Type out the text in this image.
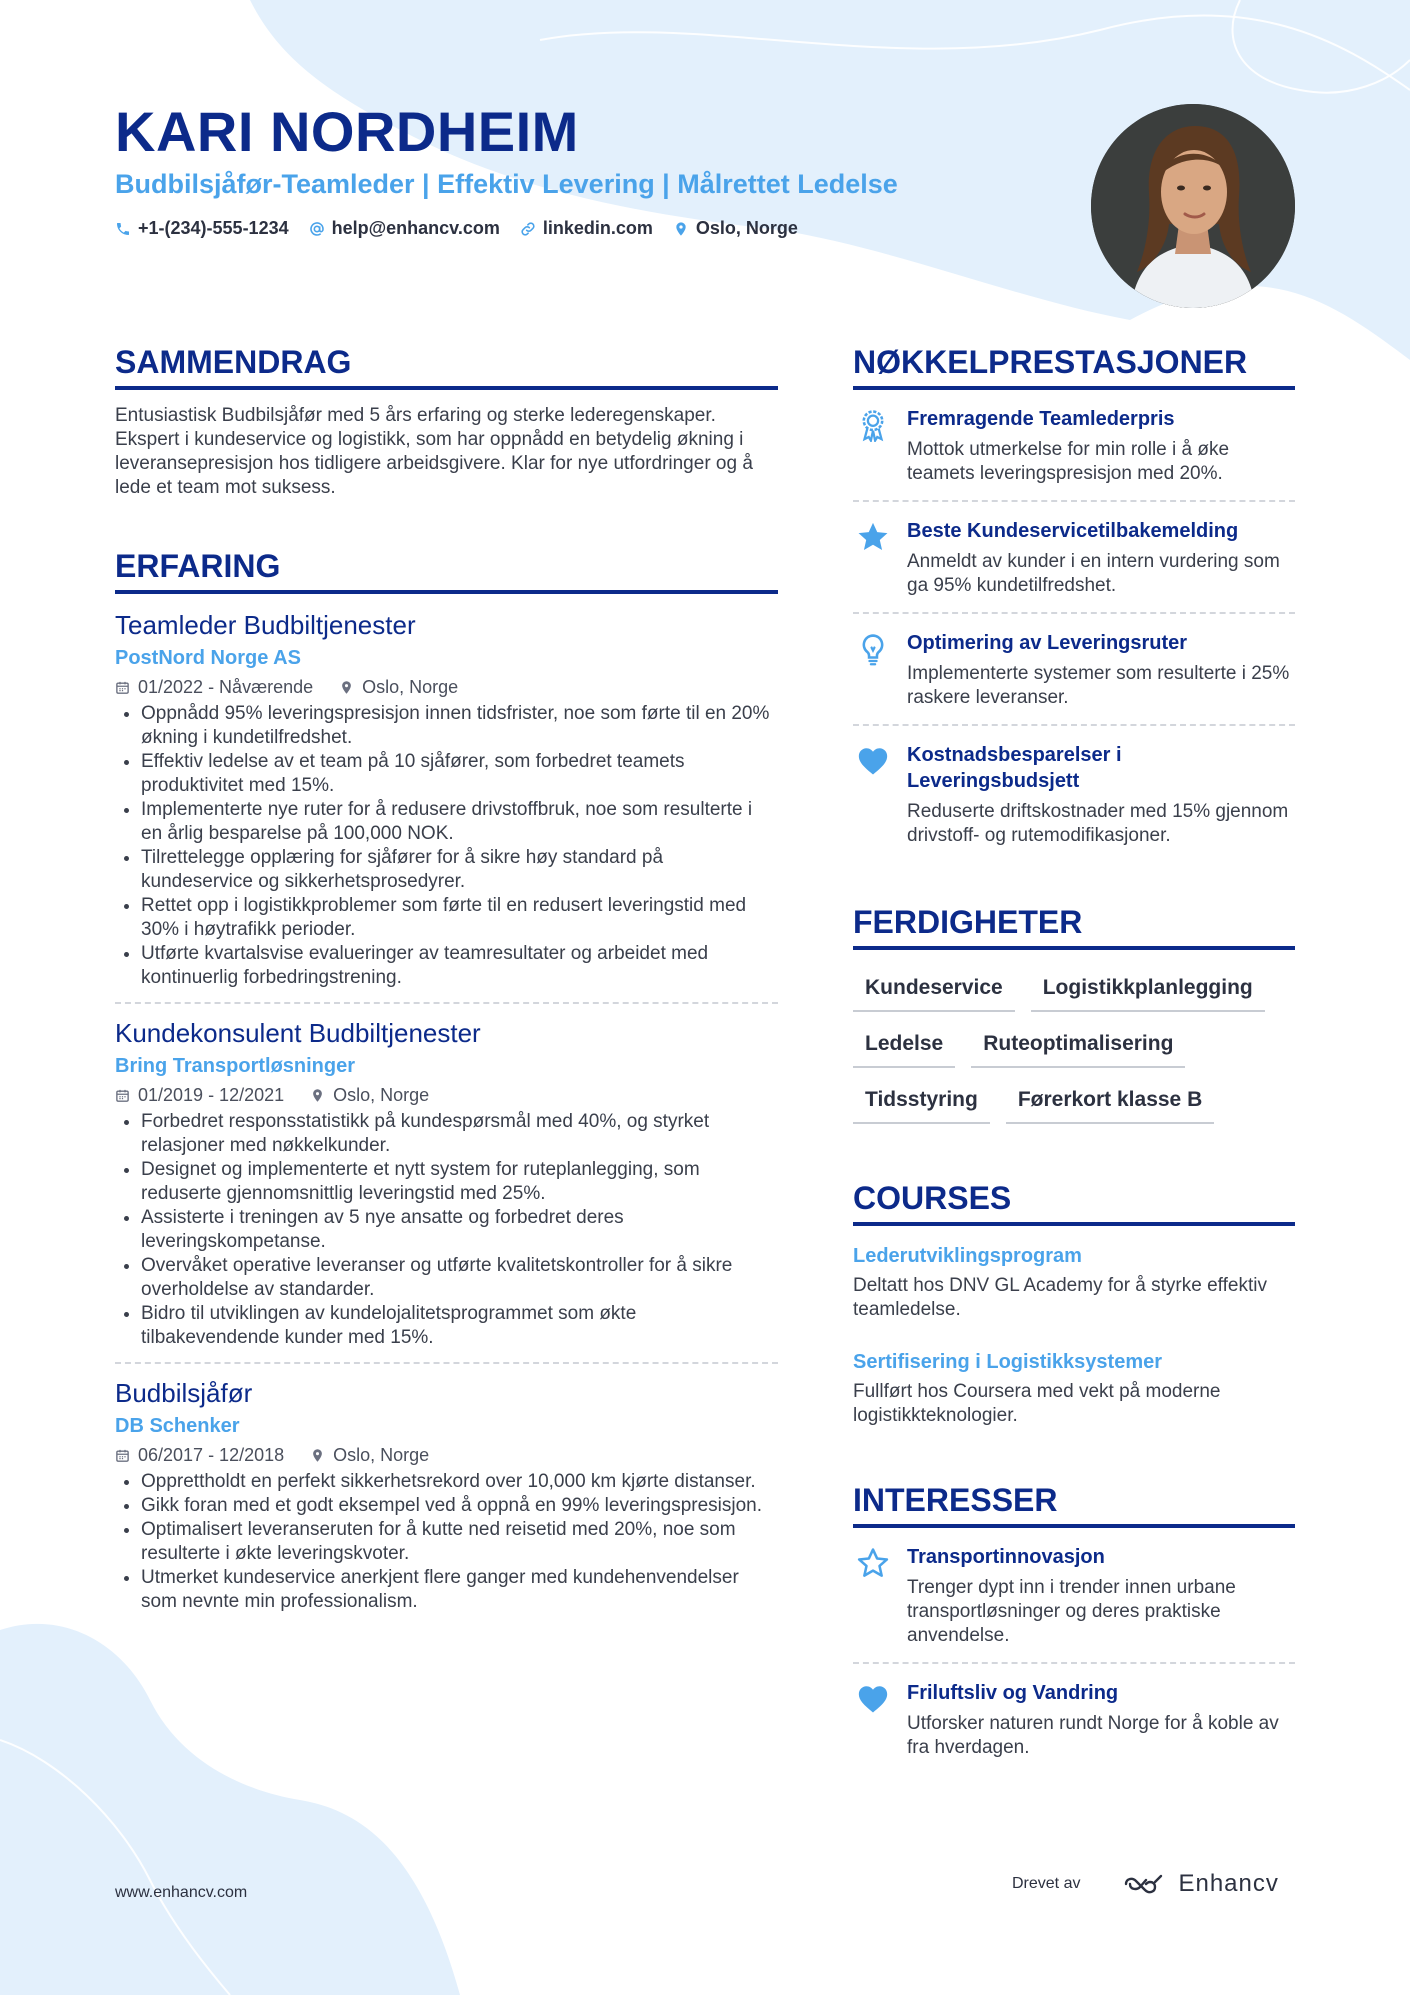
KARI NORDHEIM
Budbilsjåfør-Teamleder | Effektiv Levering | Målrettet Ledelse
+1-(234)-555-1234 help@enhancv.com linkedin.com Oslo, Norge
SAMMENDRAG

Entusiastisk Budbilsjåfør med 5 års erfaring og sterke lederegenskaper. Ekspert i kundeservice og logistikk, som har oppnådd en betydelig økning i leveransepresisjon hos tidligere arbeidsgivere. Klar for nye utfordringer og å lede et team mot suksess.

ERFARING
Teamleder Budbiltjenester
PostNord Norge AS
01/2022 - Nåværende	Oslo, Norge
• Oppnådd 95% leveringspresisjon innen tidsfrister, noe som førte til en 20% økning i kundetilfredshet.
• Effektiv ledelse av et team på 10 sjåfører, som forbedret teamets produktivitet med 15%.
• Implementerte nye ruter for å redusere drivstoffbruk, noe som resulterte i en årlig besparelse på 100,000 NOK.
• Tilrettelegge opplæring for sjåfører for å sikre høy standard på kundeservice og sikkerhetsprosedyrer.
• Rettet opp i logistikkproblemer som førte til en redusert leveringstid med 30% i høytrafikk perioder.
• Utførte kvartalsvise evalueringer av teamresultater og arbeidet med kontinuerlig forbedringstrening.
Kundekonsulent Budbiltjenester
Bring Transportløsninger
01/2019 - 12/2021	Oslo, Norge
• Forbedret responsstatistikk på kundespørsmål med 40%, og styrket relasjoner med nøkkelkunder.
• Designet og implementerte et nytt system for ruteplanlegging, som reduserte gjennomsnittlig leveringstid med 25%.
• Assisterte i treningen av 5 nye ansatte og forbedret deres leveringskompetanse.
• Overvåket operative leveranser og utførte kvalitetskontroller for å sikre overholdelse av standarder.
• Bidro til utviklingen av kundelojalitetsprogrammet som økte tilbakevendende kunder med 15%.
Budbilsjåfør
DB Schenker
06/2017 - 12/2018	Oslo, Norge
• Opprettholdt en perfekt sikkerhetsrekord over 10,000 km kjørte distanser.
• Gikk foran med et godt eksempel ved å oppnå en 99% leveringspresisjon.
• Optimalisert leveranseruten for å kutte ned reisetid med 20%, noe som resulterte i økte leveringskvoter.
• Utmerket kundeservice anerkjent flere ganger med kundehenvendelser som nevnte min professionalism.
NØKKELPRESTASJONER
Fremragende Teamlederpris
Mottok utmerkelse for min rolle i å øke teamets leveringspresisjon med 20%.
Beste Kundeservicetilbakemelding
Anmeldt av kunder i en intern vurdering som ga 95% kundetilfredshet.
Optimering av Leveringsruter
Implementerte systemer som resulterte i 25% raskere leveranser.
Kostnadsbesparelser i Leveringsbudsjett
Reduserte driftskostnader med 15% gjennom drivstoff- og rutemodifikasjoner.
FERDIGHETER
Kundeservice	Logistikkplanlegging
Ledelse	Ruteoptimalisering
Tidsstyring	Førerkort klasse B
COURSES
Lederutviklingsprogram
Deltatt hos DNV GL Academy for å styrke effektiv teamledelse.
Sertifisering i Logistikksystemer
Fullført hos Coursera med vekt på moderne logistikkteknologier.
INTERESSER
Transportinnovasjon
Trenger dypt inn i trender innen urbane transportløsninger og deres praktiske anvendelse.
Friluftsliv og Vandring
Utforsker naturen rundt Norge for å koble av fra hverdagen.
www.enhancv.com
Drevet av	Enhancv
